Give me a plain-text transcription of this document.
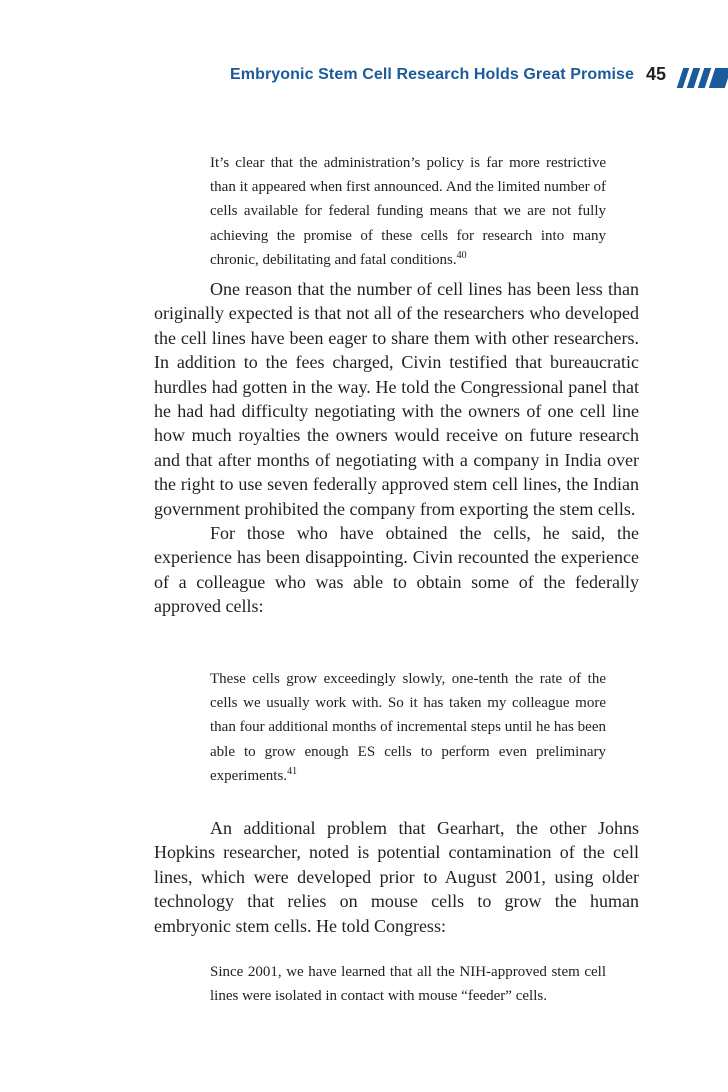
Embryonic Stem Cell Research Holds Great Promise 45

It’s clear that the administration’s policy is far more restrictive than it appeared when first announced. And the limited number of cells available for federal funding means that we are not fully achieving the promise of these cells for research into many chronic, debilitating and fatal conditions.$^{40}$

One reason that the number of cell lines has been less than originally expected is that not all of the researchers who developed the cell lines have been eager to share them with other researchers. In addition to the fees charged, Civin testified that bureaucratic hurdles had gotten in the way. He told the Congressional panel that he had had difficulty negotiating with the owners of one cell line how much royalties the owners would receive on future research and that after months of negotiating with a company in India over the right to use seven federally approved stem cell lines, the Indian government prohibited the company from exporting the stem cells.

For those who have obtained the cells, he said, the experience has been disappointing. Civin recounted the experience of a colleague who was able to obtain some of the federally approved cells:

These cells grow exceedingly slowly, one-tenth the rate of the cells we usually work with. So it has taken my colleague more than four additional months of incremental steps until he has been able to grow enough ES cells to perform even preliminary experiments.$^{41}$

An additional problem that Gearhart, the other Johns Hopkins researcher, noted is potential contamination of the cell lines, which were developed prior to August 2001, using older technology that relies on mouse cells to grow the human embryonic stem cells. He told Congress:

Since 2001, we have learned that all the NIH-approved stem cell lines were isolated in contact with mouse “feeder” cells.
